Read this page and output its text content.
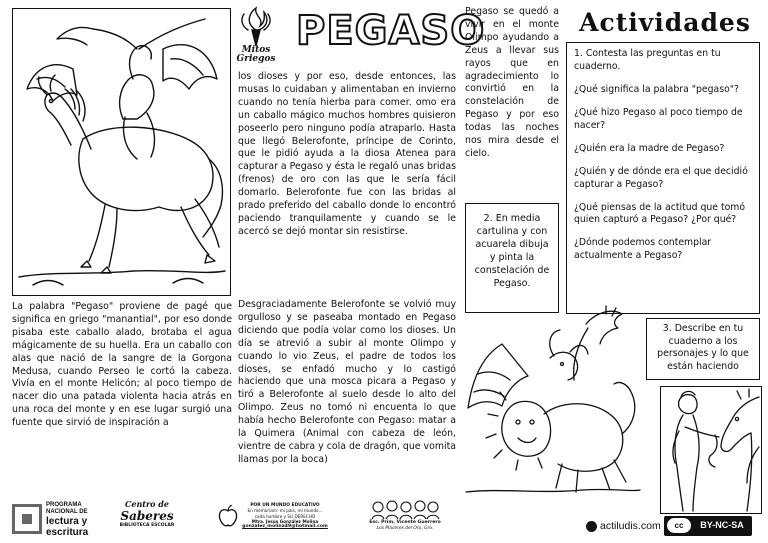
Mitos
Griegos
PEGASO
La palabra "Pegaso" proviene de pagé que significa en griego "manantial", por eso donde pisaba este caballo alado, brotaba el agua mágicamente de su huella. Era un caballo con alas que nació de la sangre de la Gorgona Medusa, cuando Perseo le cortó la cabeza. Vivía en el monte Helicón; al poco tiempo de nacer dio una patada violenta hacia atrás en una roca del monte y en ese lugar surgió una fuente que sirvió de inspiración a
los dioses y por eso, desde entonces, las musas lo cuidaban y alimentaban en invierno cuando no tenía hierba para comer. omo era un caballo mágico muchos hombres quisieron poseerlo pero ninguno podía atraparlo. Hasta que llegó Belerofonte, príncipe de Corinto, que le pidió ayuda a la diosa Atenea para capturar a Pegaso y ésta le regaló unas bridas (frenos) de oro con las que le sería fácil domarlo. Belerofonte fue con las bridas al prado preferido del caballo donde lo encontró paciendo tranquilamente y cuando se le acercó se dejó montar sin resistirse.
Desgraciadamente Belerofonte se volvió muy orgulloso y se paseaba montado en Pegaso diciendo que podía volar como los dioses. Un día se atrevió a subir al monte Olimpo y cuando lo vio Zeus, el padre de todos los dioses, se enfadó mucho y lo castigó haciendo que una mosca picara a Pegaso y tiró a Belerofonte al suelo desde lo alto del Olimpo. Zeus no tomó ni encuenta lo que había hecho Belerofonte con Pegaso: matar a la Quimera (Animal con cabeza de león, vientre de cabra y cola de dragón, que vomita llamas por la boca)
Pegaso se quedó a vivir en el monte Olimpo ayudando a Zeus a llevar sus rayos que en agradecimiento lo convirtió en la constelación de Pegaso y por eso todas las noches nos mira desde el cielo.
2. En media cartulina y con acuarela dibuja y pinta la constelación de Pegaso.
Actividades
1. Contesta las preguntas en tu cuaderno.
¿Qué significa la palabra "pegaso"?
¿Qué hizo Pegaso al poco tiempo de nacer?
¿Quién era la madre de Pegaso?
¿Quién y de dónde era el que decidió capturar a Pegaso?
¿Qué piensas de la actitud que tomó quien capturó a Pegaso? ¿Por qué?
¿Dónde podemos contemplar actualmente a Pegaso?
3. Describe en tu cuaderno a los personajes y lo que están haciendo
PROGRAMA
NACIONAL DE
lectura y
escritura
Centro de
Saberes
BIBLIOTECA ESCOLAR
POR UN MUNDO EDUCATIVO
En memoriam: mi país, mi mundo...
cada hombre y SU DERECHO
Mtra. Jesús González Molina
gonzalez_molina49@hotmail.com
Esc. Prim. Vicente Guerrero
Los Placeres del Oro, Gro.	actiludis.com	cc	BY-NC-SA
